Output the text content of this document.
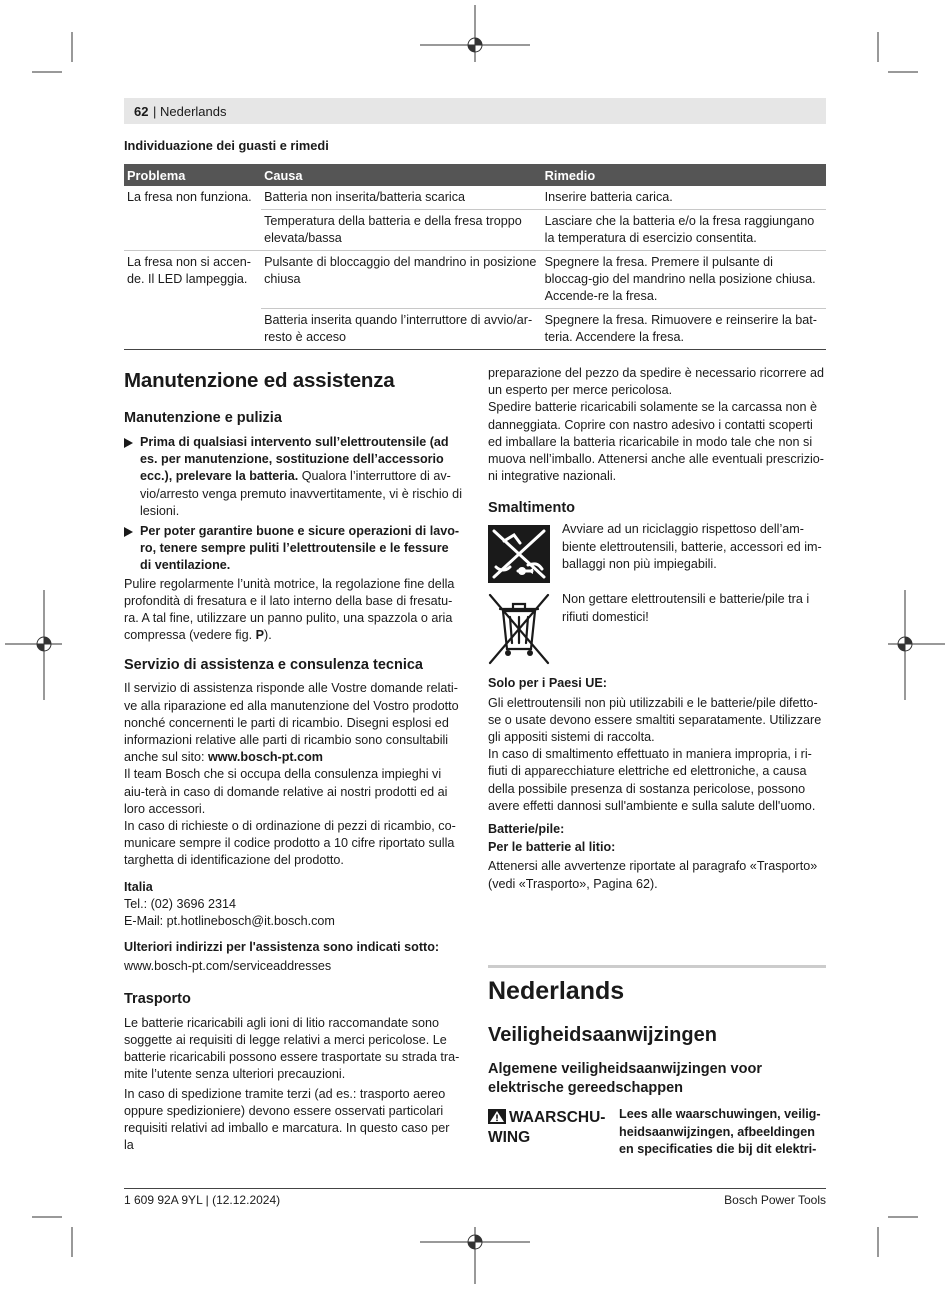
62 | Nederlands
Individuazione dei guasti e rimedi
Problema	Causa	Rimedio
La fresa non funziona.	Batteria non inserita/batteria scarica	Inserire batteria carica.
	Temperatura della batteria e della fresa troppo elevata/bassa	Lasciare che la batteria e/o la fresa raggiungano la temperatura di esercizio consentita.
La fresa non si accen-de. Il LED lampeggia.	Pulsante di bloccaggio del mandrino in posizione chiusa	Spegnere la fresa. Premere il pulsante di bloccag-gio del mandrino nella posizione chiusa. Accende-re la fresa.
	Batteria inserita quando l’interruttore di avvio/ar-resto è acceso	Spegnere la fresa. Rimuovere e reinserire la bat-teria. Accendere la fresa.
Manutenzione ed assistenza
Manutenzione e pulizia

Prima di qualsiasi intervento sull’elettroutensile (ad es. per manutenzione, sostituzione dell’accessorio ecc.), prelevare la batteria. Qualora l’interruttore di av-vio/arresto venga premuto inavvertitamente, vi è rischio di lesioni.

Per poter garantire buone e sicure operazioni di lavo-ro, tenere sempre puliti l’elettroutensile e le fessure di ventilazione.

Pulire regolarmente l’unità motrice, la regolazione fine della profondità di fresatura e il lato interno della base di fresatu-ra. A tal fine, utilizzare un panno pulito, una spazzola o aria compressa (vedere fig. P).

Servizio di assistenza e consulenza tecnica

Il servizio di assistenza risponde alle Vostre domande relati-ve alla riparazione ed alla manutenzione del Vostro prodotto nonché concernenti le parti di ricambio. Disegni esplosi ed informazioni relative alle parti di ricambio sono consultabili anche sul sito: www.bosch-pt.com

Il team Bosch che si occupa della consulenza impieghi vi aiu-terà in caso di domande relative ai nostri prodotti ed ai loro accessori.

In caso di richieste o di ordinazione di pezzi di ricambio, co-municare sempre il codice prodotto a 10 cifre riportato sulla targhetta di identificazione del prodotto.

Italia

Tel.: (02) 3696 2314

E-Mail: pt.hotlinebosch@it.bosch.com

Ulteriori indirizzi per l'assistenza sono indicati sotto:

www.bosch-pt.com/serviceaddresses

Trasporto

Le batterie ricaricabili agli ioni di litio raccomandate sono soggette ai requisiti di legge relativi a merci pericolose. Le batterie ricaricabili possono essere trasportate su strada tra-mite l’utente senza ulteriori precauzioni.

In caso di spedizione tramite terzi (ad es.: trasporto aereo oppure spedizioniere) devono essere osservati particolari requisiti relativi ad imballo e marcatura. In questo caso per la

preparazione del pezzo da spedire è necessario ricorrere ad un esperto per merce pericolosa.

Spedire batterie ricaricabili solamente se la carcassa non è danneggiata. Coprire con nastro adesivo i contatti scoperti ed imballare la batteria ricaricabile in modo tale che non si muova nell’imballo. Attenersi anche alle eventuali prescrizio-ni integrative nazionali.

Smaltimento

Avviare ad un riciclaggio rispettoso dell’am-biente elettroutensili, batterie, accessori ed im-ballaggi non più impiegabili.

Non gettare elettroutensili e batterie/pile tra i rifiuti domestici!

Solo per i Paesi UE:

Gli elettroutensili non più utilizzabili e le batterie/pile difetto-se o usate devono essere smaltiti separatamente. Utilizzare gli appositi sistemi di raccolta.

In caso di smaltimento effettuato in maniera impropria, i ri-fiuti di apparecchiature elettriche ed elettroniche, a causa della possibile presenza di sostanza pericolose, possono avere effetti dannosi sull'ambiente e sulla salute dell'uomo.

Batterie/pile:

Per le batterie al litio:

Attenersi alle avvertenze riportate al paragrafo «Trasporto» (vedi «Trasporto», Pagina 62).

Nederlands
Veiligheidsaanwijzingen
Algemene veiligheidsaanwijzingen voor elektrische gereedschappen
WAARSCHU-
WING

Lees alle waarschuwingen, veilig-heidsaanwijzingen, afbeeldingen en specificaties die bij dit elektri-

1 609 92A 9YL | (12.12.2024)	Bosch Power Tools
